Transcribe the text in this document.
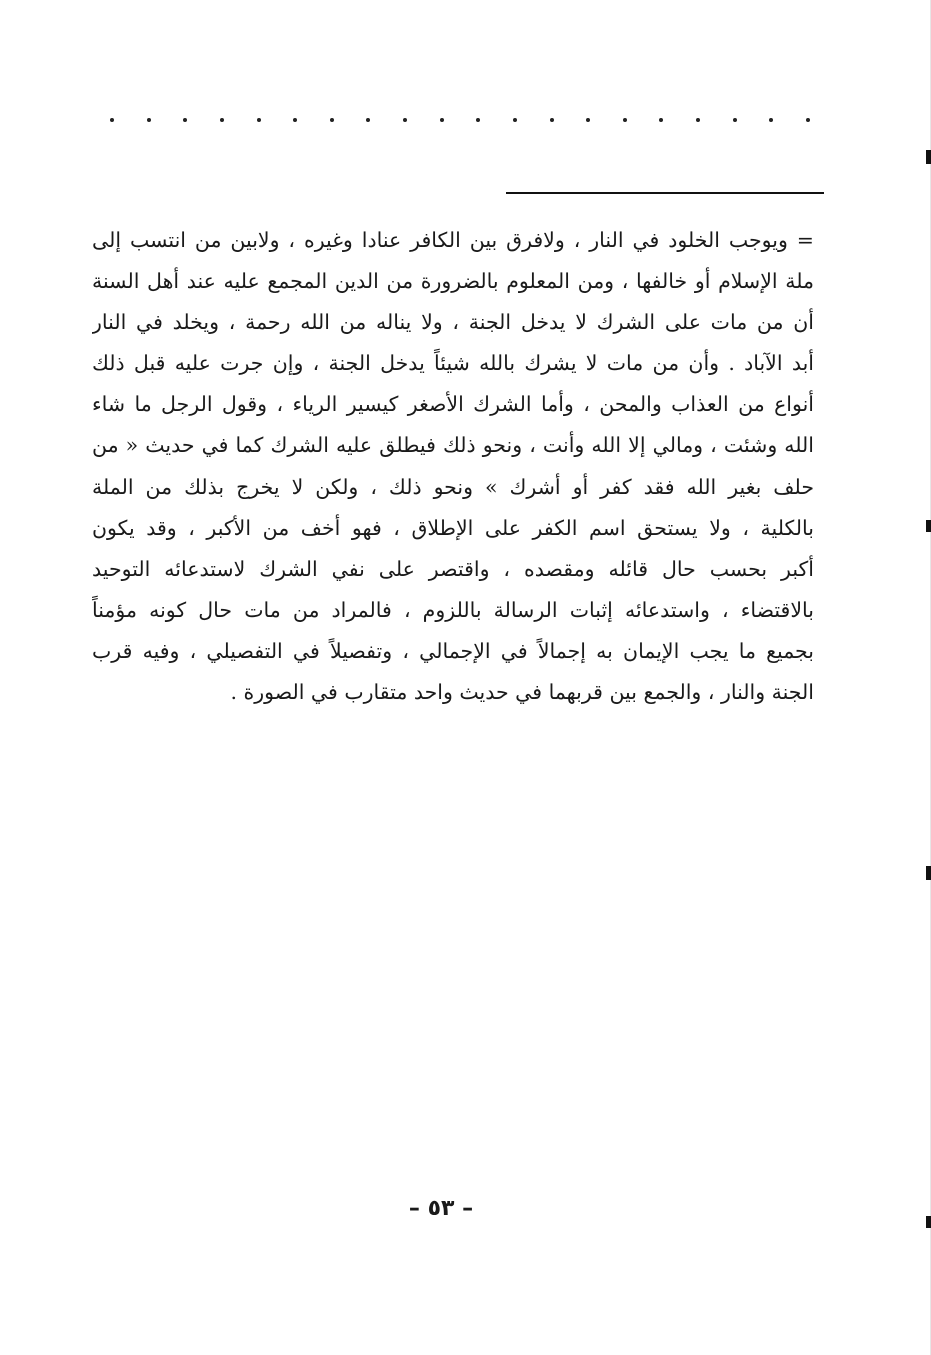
= ويوجب الخلود في النار ، ولافرق بين الكافر عنادا وغيره ، ولابين من انتسب إلى
ملة الإسلام أو خالفها ، ومن المعلوم بالضرورة من الدين المجمع عليه عند أهل السنة
أن من مات على الشرك لا يدخل الجنة ، ولا يناله من الله رحمة ، ويخلد في النار
أبد الآباد . وأن من مات لا يشرك بالله شيئاً يدخل الجنة ، وإن جرت عليه قبل ذلك
أنواع من العذاب والمحن ، وأما الشرك الأصغر كيسير الرياء ، وقول الرجل ما شاء
الله وشئت ، ومالي إلا الله وأنت ، ونحو ذلك فيطلق عليه الشرك كما في حديث « من
حلف بغير الله فقد كفر أو أشرك » ونحو ذلك ، ولكن لا يخرج بذلك من الملة
بالكلية ، ولا يستحق اسم الكفر على الإطلاق ، فهو أخف من الأكبر ، وقد يكون
أكبر بحسب حال قائله ومقصده ، واقتصر على نفي الشرك لاستدعائه التوحيد
بالاقتضاء ، واستدعائه إثبات الرسالة باللزوم ، فالمراد من مات حال كونه مؤمناً
بجميع ما يجب الإيمان به إجمالاً في الإجمالي ، وتفصيلاً في التفصيلي ، وفيه قرب
الجنة والنار ، والجمع بين قربهما في حديث واحد متقارب في الصورة .
– ٥٣ –
